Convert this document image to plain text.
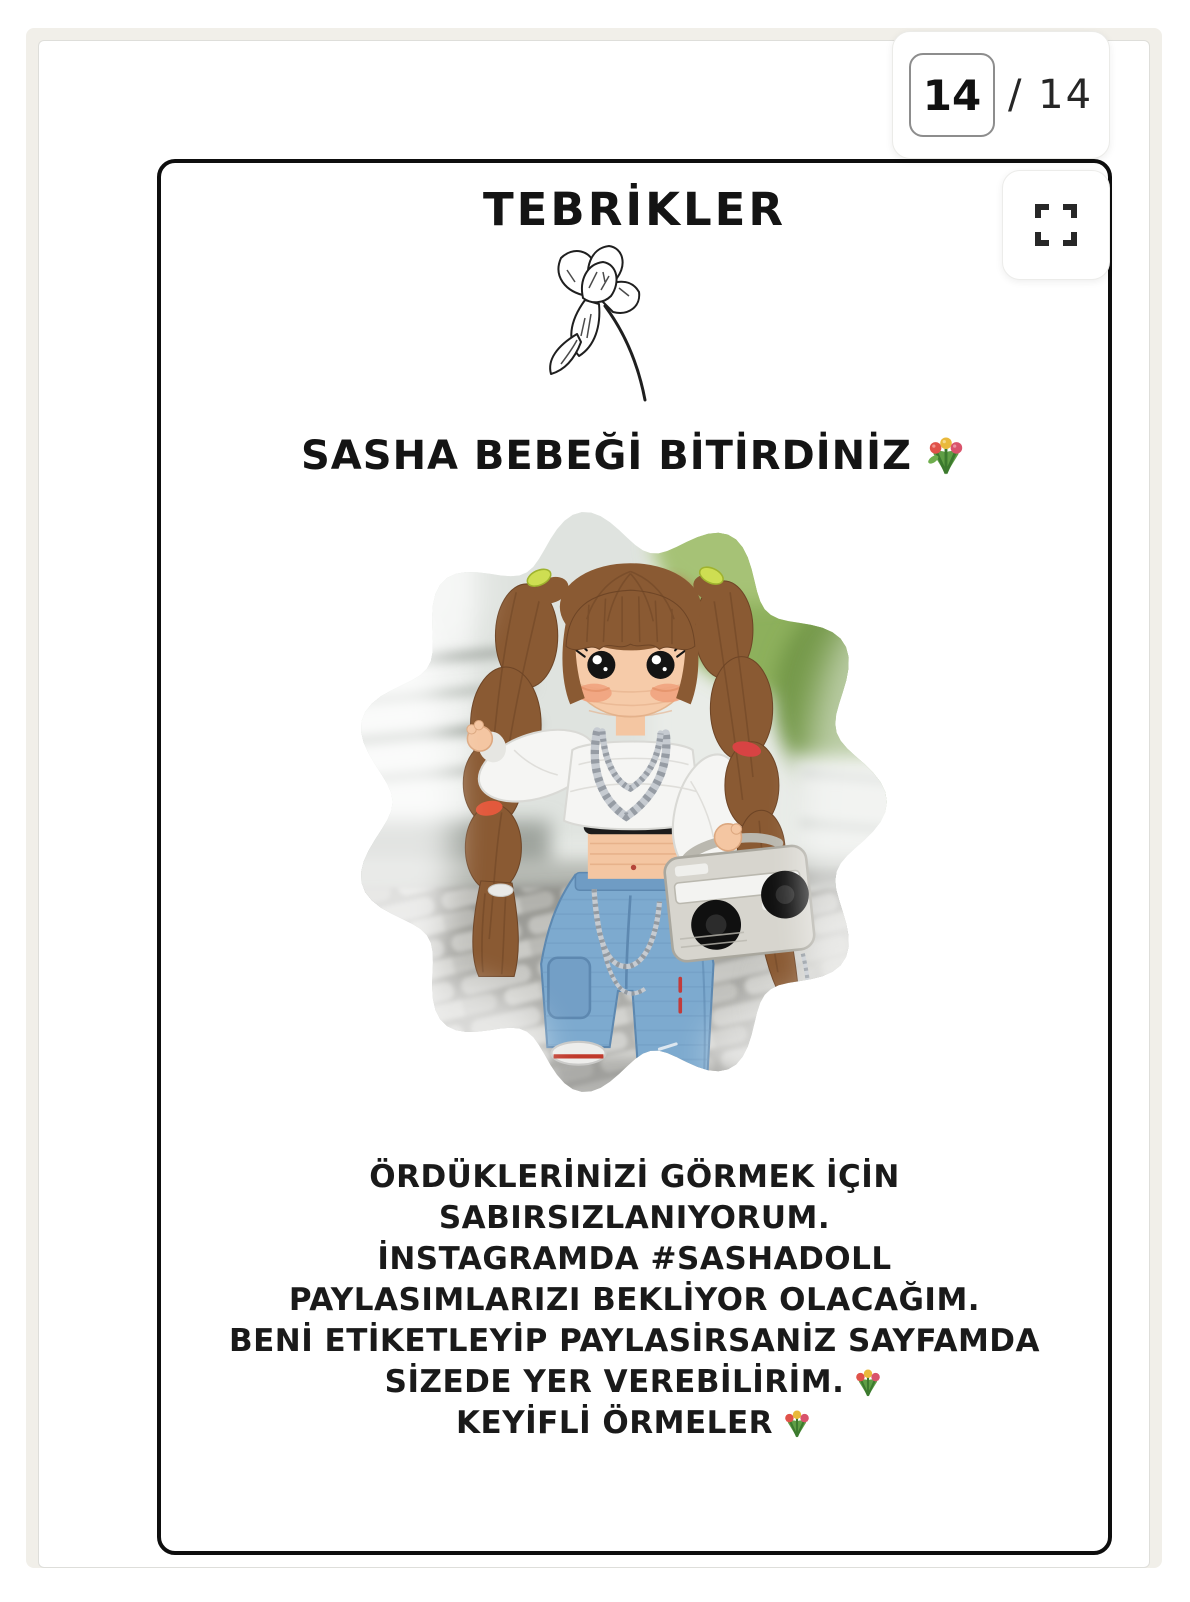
TEBRİKLER
SASHA BEBEĞİ BİTİRDİNİZ
ÖRDÜKLERİNİZİ GÖRMEK İÇİN
SABIRSIZLANIYORUM.
İNSTAGRAMDA #SASHADOLL
PAYLASIMLARIZI BEKLİYOR OLACAĞIM.
BENİ ETİKETLEYİP PAYLASİRSANİZ SAYFAMDA
SİZEDE YER VEREBİLİRİM.
KEYİFLİ ÖRMELER
14 / 14
